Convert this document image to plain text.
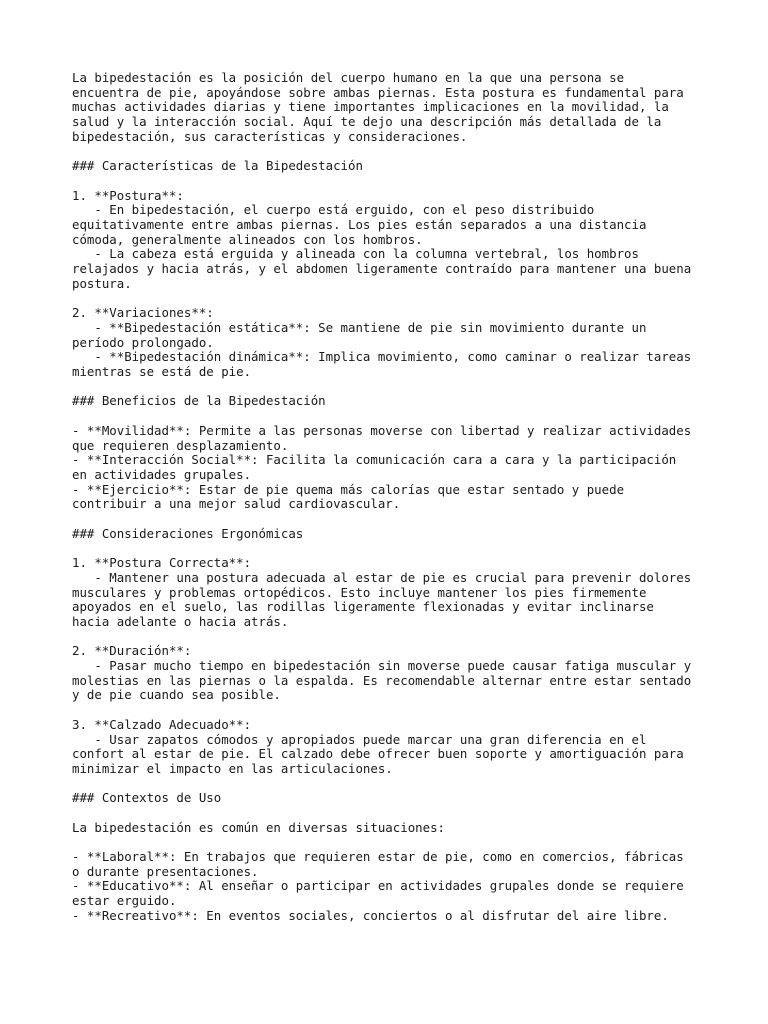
La bipedestación es la posición del cuerpo humano en la que una persona se
encuentra de pie, apoyándose sobre ambas piernas. Esta postura es fundamental para
muchas actividades diarias y tiene importantes implicaciones en la movilidad, la
salud y la interacción social. Aquí te dejo una descripción más detallada de la
bipedestación, sus características y consideraciones.

### Características de la Bipedestación

1. **Postura**:
- En bipedestación, el cuerpo está erguido, con el peso distribuido
equitativamente entre ambas piernas. Los pies están separados a una distancia
cómoda, generalmente alineados con los hombros.
- La cabeza está erguida y alineada con la columna vertebral, los hombros
relajados y hacia atrás, y el abdomen ligeramente contraído para mantener una buena
postura.

2. **Variaciones**:
- **Bipedestación estática**: Se mantiene de pie sin movimiento durante un
período prolongado.
- **Bipedestación dinámica**: Implica movimiento, como caminar o realizar tareas
mientras se está de pie.

### Beneficios de la Bipedestación

- **Movilidad**: Permite a las personas moverse con libertad y realizar actividades
que requieren desplazamiento.
- **Interacción Social**: Facilita la comunicación cara a cara y la participación
en actividades grupales.
- **Ejercicio**: Estar de pie quema más calorías que estar sentado y puede
contribuir a una mejor salud cardiovascular.

### Consideraciones Ergonómicas

1. **Postura Correcta**:
- Mantener una postura adecuada al estar de pie es crucial para prevenir dolores
musculares y problemas ortopédicos. Esto incluye mantener los pies firmemente
apoyados en el suelo, las rodillas ligeramente flexionadas y evitar inclinarse
hacia adelante o hacia atrás.

2. **Duración**:
- Pasar mucho tiempo en bipedestación sin moverse puede causar fatiga muscular y
molestias en las piernas o la espalda. Es recomendable alternar entre estar sentado
y de pie cuando sea posible.

3. **Calzado Adecuado**:
- Usar zapatos cómodos y apropiados puede marcar una gran diferencia en el
confort al estar de pie. El calzado debe ofrecer buen soporte y amortiguación para
minimizar el impacto en las articulaciones.

### Contextos de Uso

La bipedestación es común en diversas situaciones:

- **Laboral**: En trabajos que requieren estar de pie, como en comercios, fábricas
o durante presentaciones.
- **Educativo**: Al enseñar o participar en actividades grupales donde se requiere
estar erguido.
- **Recreativo**: En eventos sociales, conciertos o al disfrutar del aire libre.
